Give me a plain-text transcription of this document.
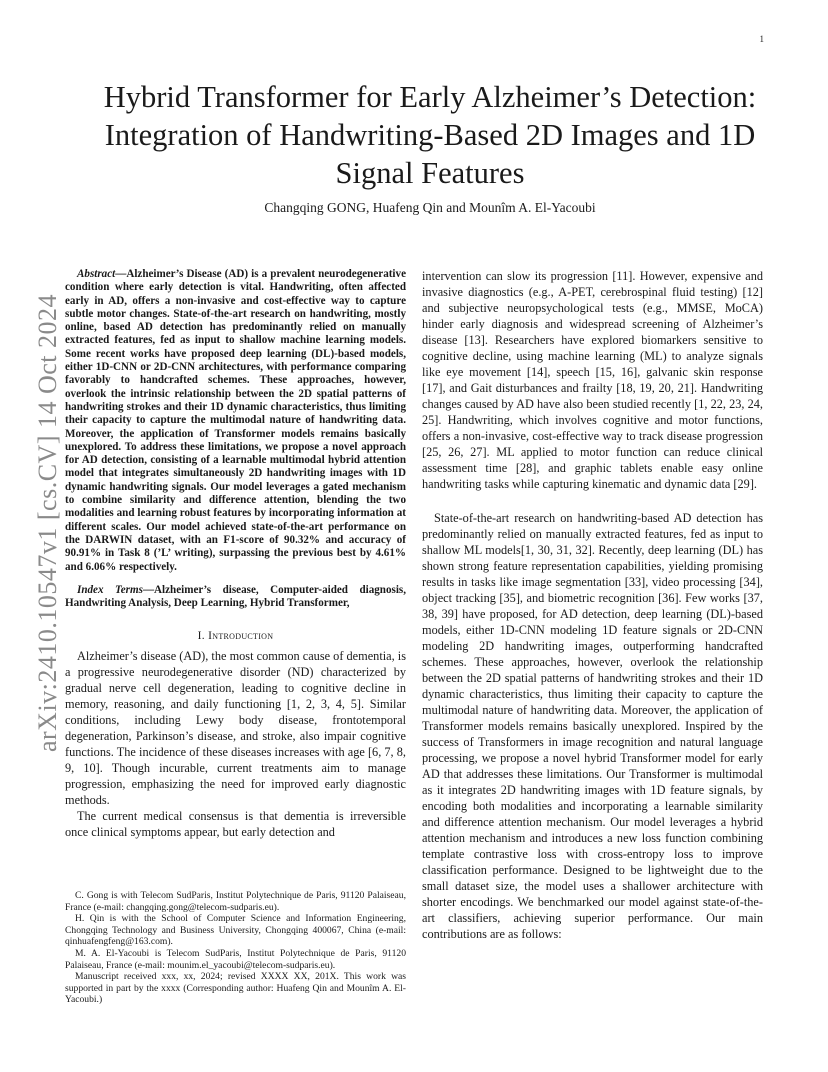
1
arXiv:2410.10547v1 [cs.CV] 14 Oct 2024
Hybrid Transformer for Early Alzheimer’s Detection: Integration of Handwriting-Based 2D Images and 1D Signal Features
Changqing GONG, Huafeng Qin and Mounîm A. El-Yacoubi

Abstract—Alzheimer’s Disease (AD) is a prevalent neurodegenerative condition where early detection is vital. Handwriting, often affected early in AD, offers a non-invasive and cost-effective way to capture subtle motor changes. State-of-the-art research on handwriting, mostly online, based AD detection has predominantly relied on manually extracted features, fed as input to shallow machine learning models. Some recent works have proposed deep learning (DL)-based models, either 1D-CNN or 2D-CNN architectures, with performance comparing favorably to handcrafted schemes. These approaches, however, overlook the intrinsic relationship between the 2D spatial patterns of handwriting strokes and their 1D dynamic characteristics, thus limiting their capacity to capture the multimodal nature of handwriting data. Moreover, the application of Transformer models remains basically unexplored. To address these limitations, we propose a novel approach for AD detection, consisting of a learnable multimodal hybrid attention model that integrates simultaneously 2D handwriting images with 1D dynamic handwriting signals. Our model leverages a gated mechanism to combine similarity and difference attention, blending the two modalities and learning robust features by incorporating information at different scales. Our model achieved state-of-the-art performance on the DARWIN dataset, with an F1-score of 90.32% and accuracy of 90.91% in Task 8 (’L’ writing), surpassing the previous best by 4.61% and 6.06% respectively.

Index Terms—Alzheimer’s disease, Computer-aided diagnosis, Handwriting Analysis, Deep Learning, Hybrid Transformer,

I. Introduction

Alzheimer’s disease (AD), the most common cause of dementia, is a progressive neurodegenerative disorder (ND) characterized by gradual nerve cell degeneration, leading to cognitive decline in memory, reasoning, and daily functioning [1, 2, 3, 4, 5]. Similar conditions, including Lewy body disease, frontotemporal degeneration, Parkinson’s disease, and stroke, also impair cognitive functions. The incidence of these diseases increases with age [6, 7, 8, 9, 10]. Though incurable, current treatments aim to manage progression, emphasizing the need for improved early diagnostic methods.

The current medical consensus is that dementia is irreversible once clinical symptoms appear, but early detection and

C. Gong is with Telecom SudParis, Institut Polytechnique de Paris, 91120 Palaiseau, France (e-mail: changqing.gong@telecom-sudparis.eu).

H. Qin is with the School of Computer Science and Information Engineering, Chongqing Technology and Business University, Chongqing 400067, China (e-mail: qinhuafengfeng@163.com).

M. A. El-Yacoubi is Telecom SudParis, Institut Polytechnique de Paris, 91120 Palaiseau, France (e-mail: mounim.el_yacoubi@telecom-sudparis.eu).

Manuscript received xxx, xx, 2024; revised XXXX XX, 201X. This work was supported in part by the xxxx (Corresponding author: Huafeng Qin and Mounîm A. El-Yacoubi.)

intervention can slow its progression [11]. However, expensive and invasive diagnostics (e.g., A-PET, cerebrospinal fluid testing) [12] and subjective neuropsychological tests (e.g., MMSE, MoCA) hinder early diagnosis and widespread screening of Alzheimer’s disease [13]. Researchers have explored biomarkers sensitive to cognitive decline, using machine learning (ML) to analyze signals like eye movement [14], speech [15, 16], galvanic skin response [17], and Gait disturbances and frailty [18, 19, 20, 21]. Handwriting changes caused by AD have also been studied recently [1, 22, 23, 24, 25]. Handwriting, which involves cognitive and motor functions, offers a non-invasive, cost-effective way to track disease progression [25, 26, 27]. ML applied to motor function can reduce clinical assessment time [28], and graphic tablets enable easy online handwriting tasks while capturing kinematic and dynamic data [29].

State-of-the-art research on handwriting-based AD detection has predominantly relied on manually extracted features, fed as input to shallow ML models[1, 30, 31, 32]. Recently, deep learning (DL) has shown strong feature representation capabilities, yielding promising results in tasks like image segmentation [33], video processing [34], object tracking [35], and biometric recognition [36]. Few works [37, 38, 39] have proposed, for AD detection, deep learning (DL)-based models, either 1D-CNN modeling 1D feature signals or 2D-CNN modeling 2D handwriting images, outperforming handcrafted schemes. These approaches, however, overlook the relationship between the 2D spatial patterns of handwriting strokes and their 1D dynamic characteristics, thus limiting their capacity to capture the multimodal nature of handwriting data. Moreover, the application of Transformer models remains basically unexplored. Inspired by the success of Transformers in image recognition and natural language processing, we propose a novel hybrid Transformer model for early AD that addresses these limitations. Our Transformer is multimodal as it integrates 2D handwriting images with 1D feature signals, by encoding both modalities and incorporating a learnable similarity and difference attention mechanism. Our model leverages a hybrid attention mechanism and introduces a new loss function combining template contrastive loss with cross-entropy loss to improve classification performance. Designed to be lightweight due to the small dataset size, the model uses a shallower architecture with shorter encodings. We benchmarked our model against state-of-the-art classifiers, achieving superior performance. Our main contributions are as follows:
